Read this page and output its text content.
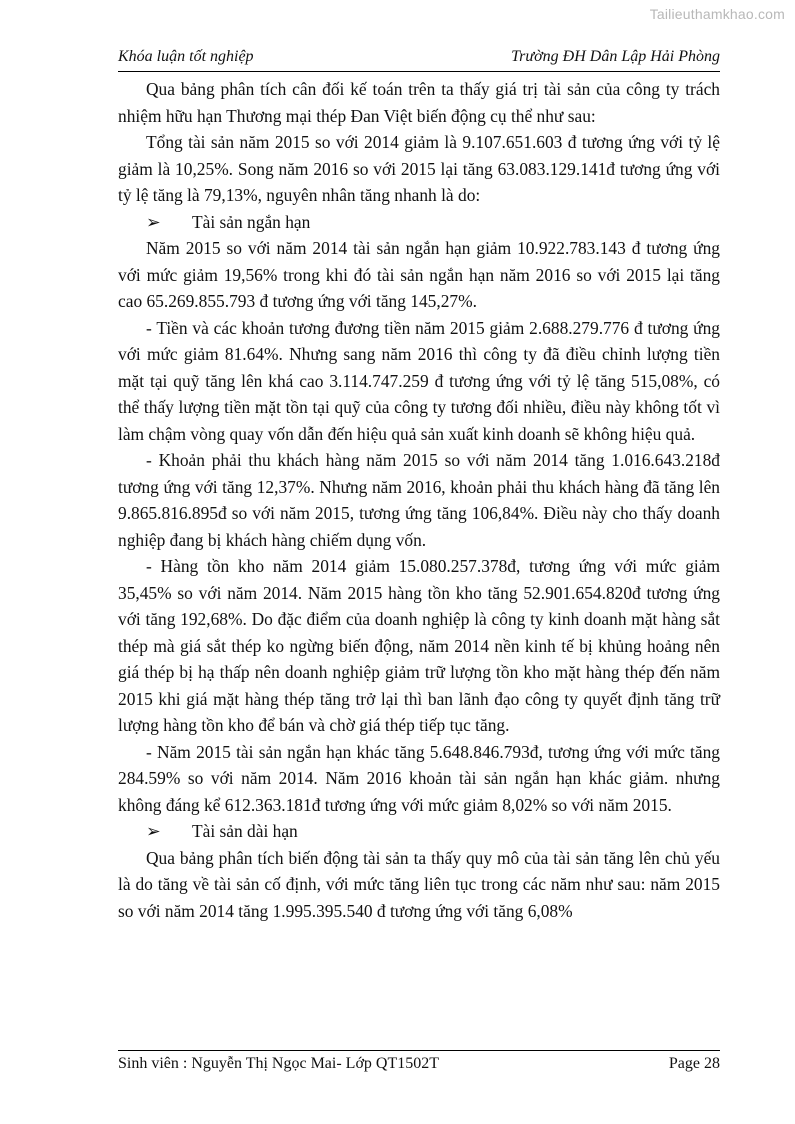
Tailieuthamkhao.com
Khóa luận tốt nghiệp	Trường ĐH Dân Lập Hải Phòng

Qua bảng phân tích cân đối kế toán trên ta thấy giá trị tài sản của công ty trách nhiệm hữu hạn Thương mại thép Đan Việt biến động cụ thể như sau:

Tổng tài sản năm 2015 so với 2014 giảm là 9.107.651.603 đ tương ứng với tỷ lệ giảm là 10,25%. Song năm 2016 so với 2015 lại tăng 63.083.129.141đ tương ứng với tỷ lệ tăng là 79,13%, nguyên nhân tăng nhanh là do:

➢ Tài sản ngắn hạn

Năm 2015 so với năm 2014 tài sản ngắn hạn giảm 10.922.783.143 đ tương ứng với mức giảm 19,56% trong khi đó tài sản ngắn hạn năm 2016 so với 2015 lại tăng cao 65.269.855.793 đ tương ứng với tăng 145,27%.

- Tiền và các khoản tương đương tiền năm 2015 giảm 2.688.279.776 đ tương ứng với mức giảm 81.64%. Nhưng sang năm 2016 thì công ty đã điều chỉnh lượng tiền mặt tại quỹ tăng lên khá cao 3.114.747.259 đ tương ứng với tỷ lệ tăng 515,08%, có thể thấy lượng tiền mặt tồn tại quỹ của công ty tương đối nhiều, điều này không tốt vì làm chậm vòng quay vốn dẫn đến hiệu quả sản xuất kinh doanh sẽ không hiệu quả.

- Khoản phải thu khách hàng năm 2015 so với năm 2014 tăng 1.016.643.218đ tương ứng với tăng 12,37%. Nhưng năm 2016, khoản phải thu khách hàng đã tăng lên 9.865.816.895đ so với năm 2015, tương ứng tăng 106,84%. Điều này cho thấy doanh nghiệp đang bị khách hàng chiếm dụng vốn.

- Hàng tồn kho năm 2014 giảm 15.080.257.378đ, tương ứng với mức giảm 35,45% so với năm 2014. Năm 2015 hàng tồn kho tăng 52.901.654.820đ tương ứng với tăng 192,68%. Do đặc điểm của doanh nghiệp là công ty kinh doanh mặt hàng sắt thép mà giá sắt thép ko ngừng biến động, năm 2014 nền kinh tế bị khủng hoảng nên giá thép bị hạ thấp nên doanh nghiệp giảm trữ lượng tồn kho mặt hàng thép đến năm 2015 khi giá mặt hàng thép tăng trở lại thì ban lãnh đạo công ty quyết định tăng trữ lượng hàng tồn kho để bán và chờ giá thép tiếp tục tăng.

- Năm 2015 tài sản ngắn hạn khác tăng 5.648.846.793đ, tương ứng với mức tăng 284.59% so với năm 2014. Năm 2016 khoản tài sản ngắn hạn khác giảm. nhưng không đáng kể 612.363.181đ tương ứng với mức giảm 8,02% so với năm 2015.

➢ Tài sản dài hạn

Qua bảng phân tích biến động tài sản ta thấy quy mô của tài sản tăng lên chủ yếu là do tăng về tài sản cố định, với mức tăng liên tục trong các năm như sau: năm 2015 so với năm 2014 tăng 1.995.395.540 đ tương ứng với tăng 6,08%

Sinh viên : Nguyễn Thị Ngọc Mai- Lớp QT1502T	Page 28
